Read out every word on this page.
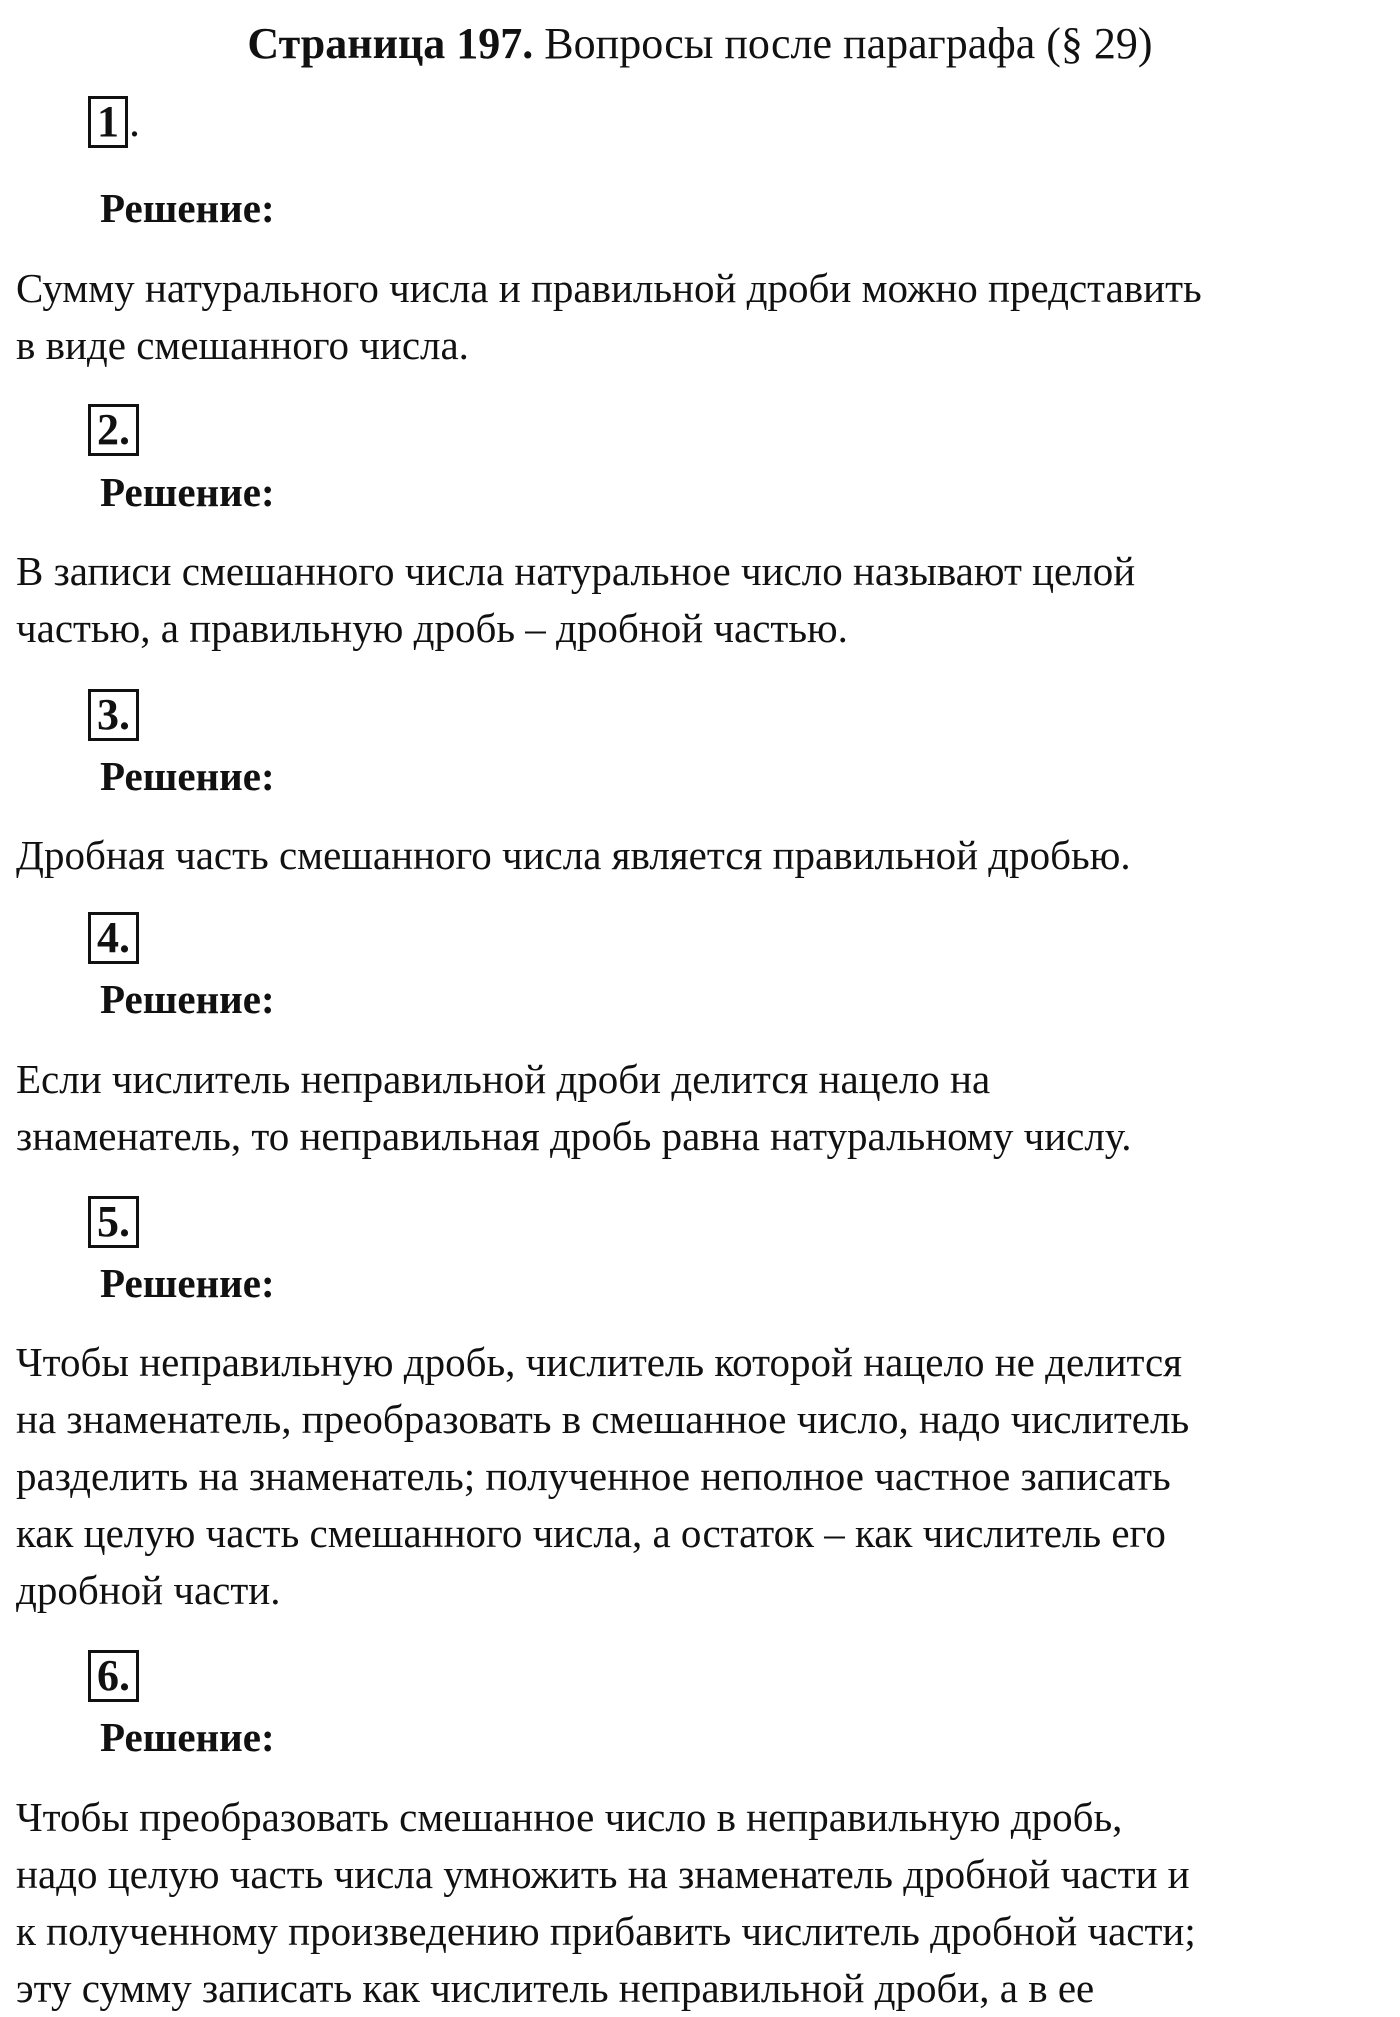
Страница 197. Вопросы после параграфа (§ 29)
1 .
Решение:
Сумму натурального числа и правильной дроби можно представить
в виде смешанного числа.
2.
Решение:
В записи смешанного числа натуральное число называют целой
частью, а правильную дробь – дробной частью.
3.
Решение:
Дробная часть смешанного числа является правильной дробью.
4.
Решение:
Если числитель неправильной дроби делится нацело на
знаменатель, то неправильная дробь равна натуральному числу.
5.
Решение:
Чтобы неправильную дробь, числитель которой нацело не делится
на знаменатель, преобразовать в смешанное число, надо числитель
разделить на знаменатель; полученное неполное частное записать
как целую часть смешанного числа, а остаток – как числитель его
дробной части.
6.
Решение:
Чтобы преобразовать смешанное число в неправильную дробь,
надо целую часть числа умножить на знаменатель дробной части и
к полученному произведению прибавить числитель дробной части;
эту сумму записать как числитель неправильной дроби, а в ее
